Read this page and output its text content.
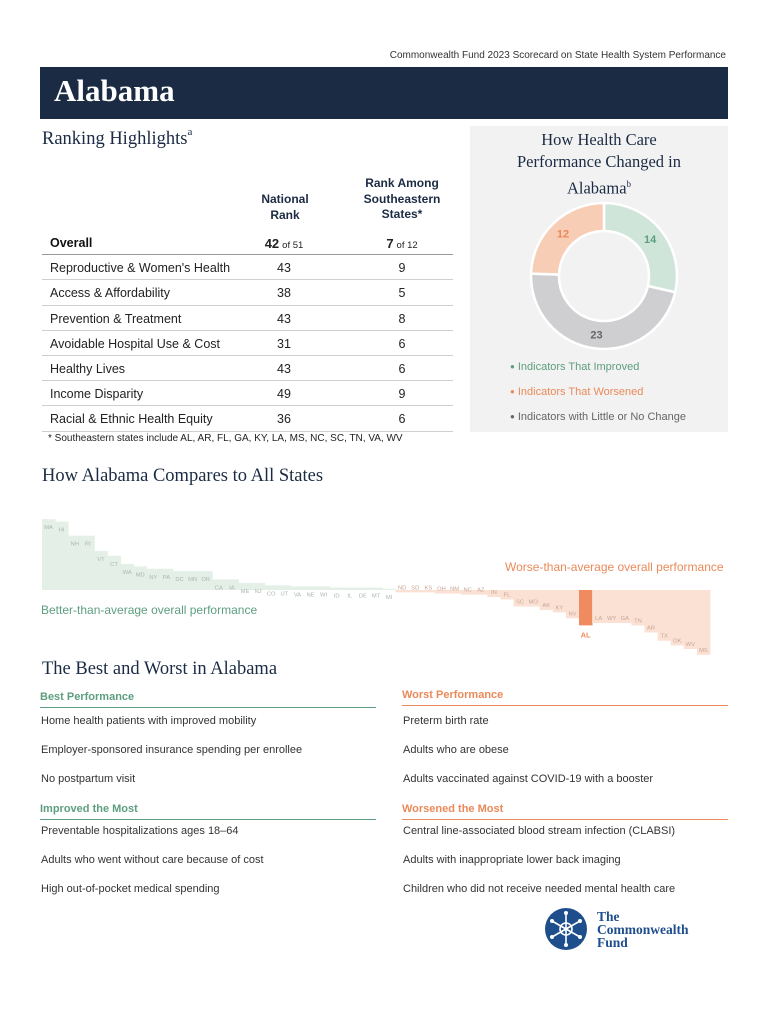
Commonwealth Fund 2023 Scorecard on State Health System Performance
Alabama
Ranking Highlights$^a$
National
Rank
Rank Among
Southeastern
States*
Overall	42 of 51	7 of 12
Reproductive & Women's Health	43	9
Access & Affordability	38	5
Prevention & Treatment	43	8
Avoidable Hospital Use & Cost	31	6
Healthy Lives	43	6
Income Disparity	49	9
Racial & Ethnic Health Equity	36	6
* Southeastern states include AL, AR, FL, GA, KY, LA, MS, NC, SC, TN, VA, WV
How Health Care
Performance Changed in
Alabama$^b$
14
23
12
● Indicators That Improved
● Indicators That Worsened
● Indicators with Little or No Change
How Alabama Compares to All States
MA HI
NH RI
VT
CT
WA MD NY PA DC MN OR
CA IA
ME NJ CO UT VA NE WI ID IL DE MT MI
ND SD KS OH NM NC AZ IN FL
SC MO
AK KY
NV
AL
LA WY GA TN
AR
TX
OK
WV
MS
Worse-than-average overall performance
Better-than-average overall performance
The Best and Worst in Alabama
Best Performance
Home health patients with improved mobility
Employer-sponsored insurance spending per enrollee
No postpartum visit
Worst Performance
Preterm birth rate
Adults who are obese
Adults vaccinated against COVID-19 with a booster
Improved the Most
Preventable hospitalizations ages 18–64
Adults who went without care because of cost
High out-of-pocket medical spending
Worsened the Most
Central line-associated blood stream infection (CLABSI)
Adults with inappropriate lower back imaging
Children who did not receive needed mental health care
The
Commonwealth
Fund
